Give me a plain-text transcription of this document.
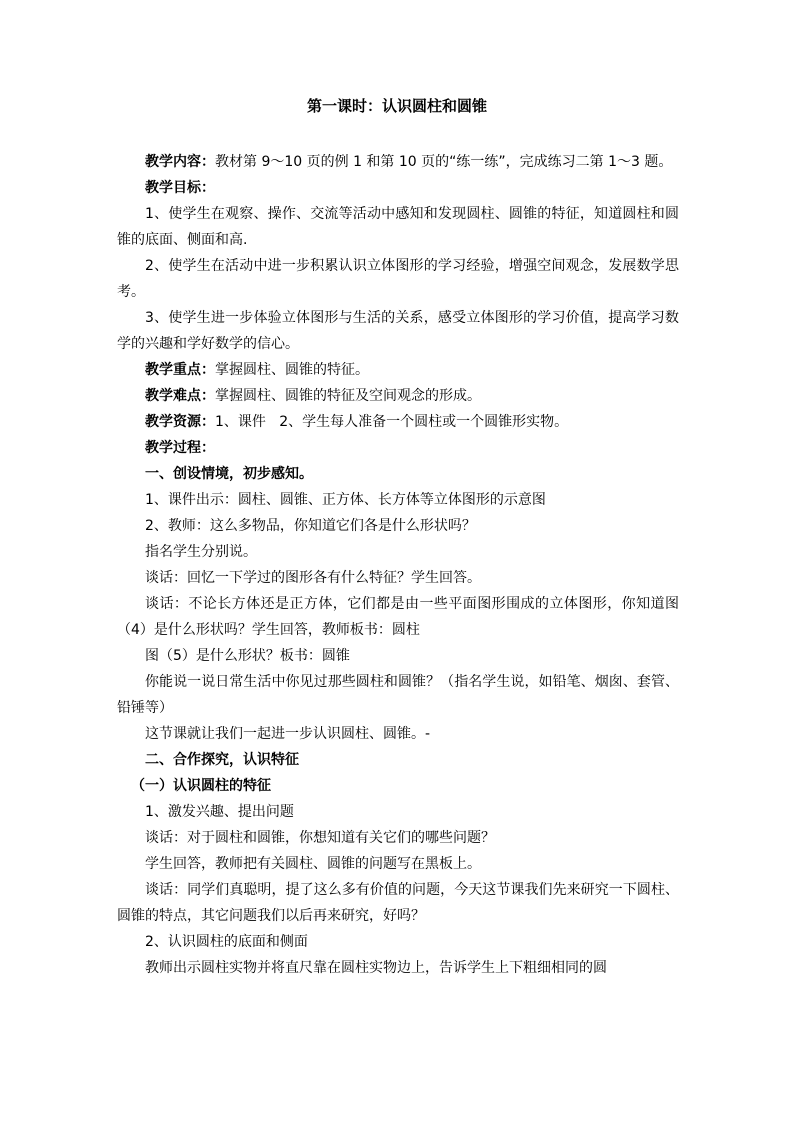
第一课时：认识圆柱和圆锥

教学内容：教材第 9～10 页的例 1 和第 10 页的“练一练”，完成练习二第 1～3 题。

教学目标：

1、使学生在观察、操作、交流等活动中感知和发现圆柱、圆锥的特征，知道圆柱和圆锥的底面、侧面和高.

2、使学生在活动中进一步积累认识立体图形的学习经验，增强空间观念，发展数学思考。

3、使学生进一步体验立体图形与生活的关系，感受立体图形的学习价值，提高学习数学的兴趣和学好数学的信心。

教学重点：掌握圆柱、圆锥的特征。

教学难点：掌握圆柱、圆锥的特征及空间观念的形成。

教学资源：1、课件   2、学生每人准备一个圆柱或一个圆锥形实物。

教学过程：

一、创设情境，初步感知。

1、课件出示：圆柱、圆锥、正方体、长方体等立体图形的示意图

2、教师：这么多物品，你知道它们各是什么形状吗？

指名学生分别说。

谈话：回忆一下学过的图形各有什么特征？学生回答。

谈话：不论长方体还是正方体，它们都是由一些平面图形围成的立体图形，你知道图（4）是什么形状吗？学生回答，教师板书：圆柱

图（5）是什么形状？板书：圆锥

你能说一说日常生活中你见过那些圆柱和圆锥？（指名学生说，如铅笔、烟囱、套管、铅锤等）

这节课就让我们一起进一步认识圆柱、圆锥。-

二、合作探究，认识特征

（一）认识圆柱的特征

1、激发兴趣、提出问题

谈话：对于圆柱和圆锥，你想知道有关它们的哪些问题？

学生回答，教师把有关圆柱、圆锥的问题写在黑板上。

谈话：同学们真聪明，提了这么多有价值的问题，今天这节课我们先来研究一下圆柱、圆锥的特点，其它问题我们以后再来研究，好吗？

2、认识圆柱的底面和侧面

教师出示圆柱实物并将直尺靠在圆柱实物边上，告诉学生上下粗细相同的圆
